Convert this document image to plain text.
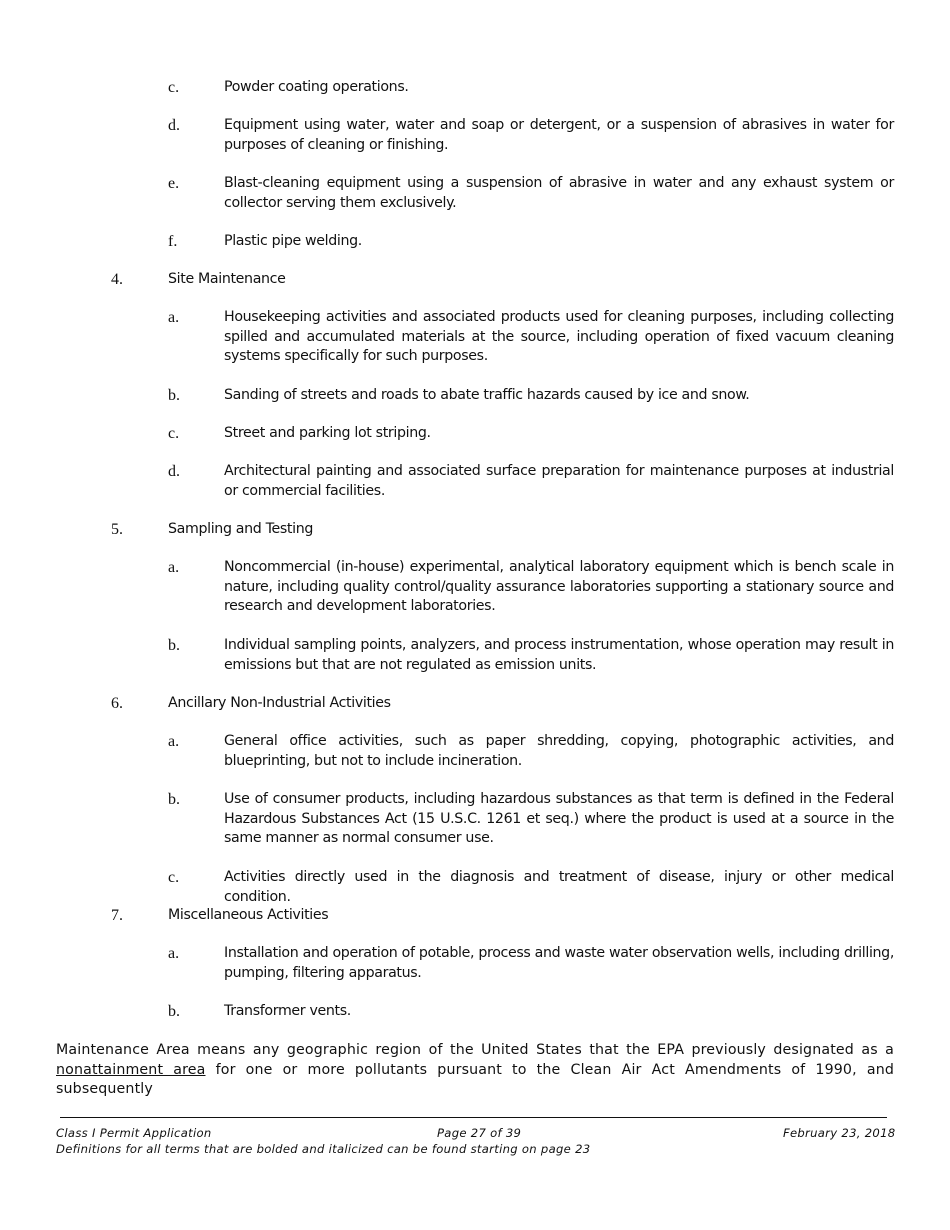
c.	Powder coating operations.
d.	Equipment using water, water and soap or detergent, or a suspension of abrasives in water for purposes of cleaning or finishing.
e.	Blast-cleaning equipment using a suspension of abrasive in water and any exhaust system or collector serving them exclusively.
f.	Plastic pipe welding.
4.	Site Maintenance
a.	Housekeeping activities and associated products used for cleaning purposes, including collecting spilled and accumulated materials at the source, including operation of fixed vacuum cleaning systems specifically for such purposes.
b.	Sanding of streets and roads to abate traffic hazards caused by ice and snow.
c.	Street and parking lot striping.
d.	Architectural painting and associated surface preparation for maintenance purposes at industrial or commercial facilities.
5.	Sampling and Testing
a.	Noncommercial (in-house) experimental, analytical laboratory equipment which is bench scale in nature, including quality control/quality assurance laboratories supporting a stationary source and research and development laboratories.
b.	Individual sampling points, analyzers, and process instrumentation, whose operation may result in emissions but that are not regulated as emission units.
6.	Ancillary Non-Industrial Activities
a.	General office activities, such as paper shredding, copying, photographic activities, and blueprinting, but not to include incineration.
b.	Use of consumer products, including hazardous substances as that term is defined in the Federal Hazardous Substances Act (15 U.S.C. 1261 et seq.) where the product is used at a source in the same manner as normal consumer use.
c.	Activities directly used in the diagnosis and treatment of disease, injury or other medical condition.
7.	Miscellaneous Activities
a.	Installation and operation of potable, process and waste water observation wells, including drilling, pumping, filtering apparatus.
b.	Transformer vents.
Maintenance Area means any geographic region of the United States that the EPA previously designated as a nonattainment area for one or more pollutants pursuant to the Clean Air Act Amendments of 1990, and subsequently
Class I Permit Application	Page 27 of 39	February 23, 2018
Definitions for all terms that are bolded and italicized can be found starting on page 23
